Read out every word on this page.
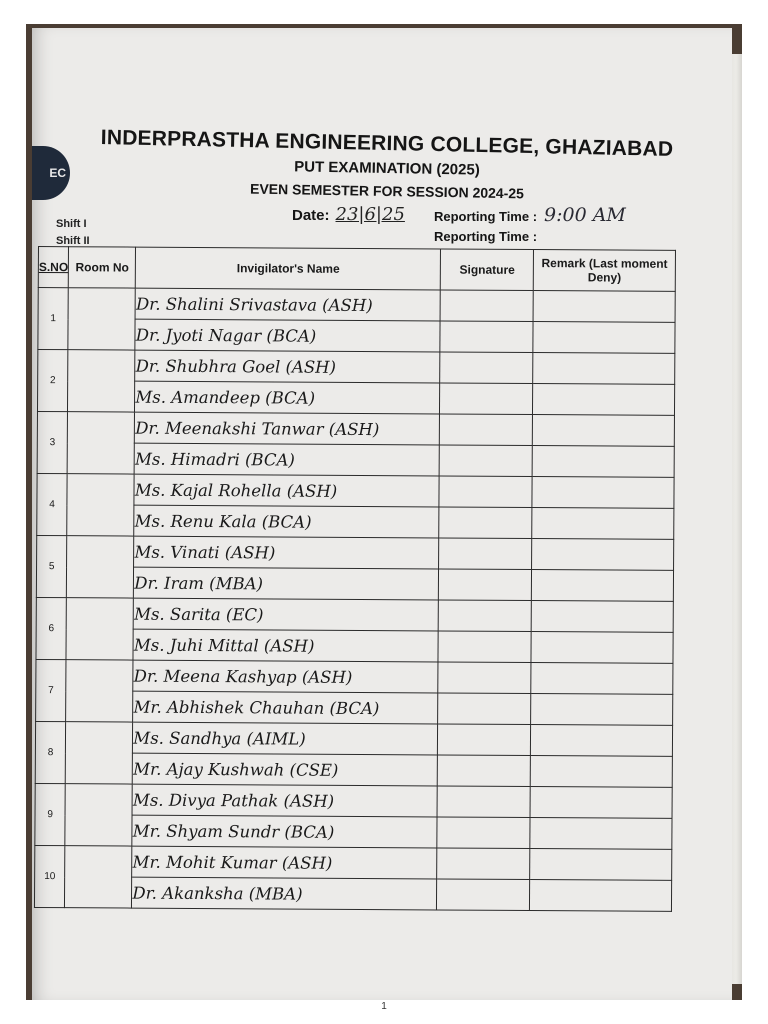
EC
INDERPRASTHA ENGINEERING COLLEGE, GHAZIABAD
PUT EXAMINATION (2025)
EVEN SEMESTER FOR SESSION 2024-25
Date: 23|6|25
Shift I
Shift II
Reporting Time : 9:00 AM
Reporting Time :
S.NO	Room No	Invigilator's Name	Signature	Remark (Last moment Deny)
1		Dr. Shalini Srivastava (ASH)		
		Dr. Jyoti Nagar (BCA)		
2		Dr. Shubhra Goel (ASH)		
		Ms. Amandeep (BCA)		
3		Dr. Meenakshi Tanwar (ASH)		
		Ms. Himadri (BCA)		
4		Ms. Kajal Rohella (ASH)		
		Ms. Renu Kala (BCA)		
5		Ms. Vinati (ASH)		
		Dr. Iram (MBA)		
6		Ms. Sarita (EC)		
		Ms. Juhi Mittal (ASH)		
7		Dr. Meena Kashyap (ASH)		
		Mr. Abhishek Chauhan (BCA)		
8		Ms. Sandhya (AIML)		
		Mr. Ajay Kushwah (CSE)		
9		Ms. Divya Pathak (ASH)		
		Mr. Shyam Sundr (BCA)		
10		Mr. Mohit Kumar (ASH)		
		Dr. Akanksha (MBA)		
1
